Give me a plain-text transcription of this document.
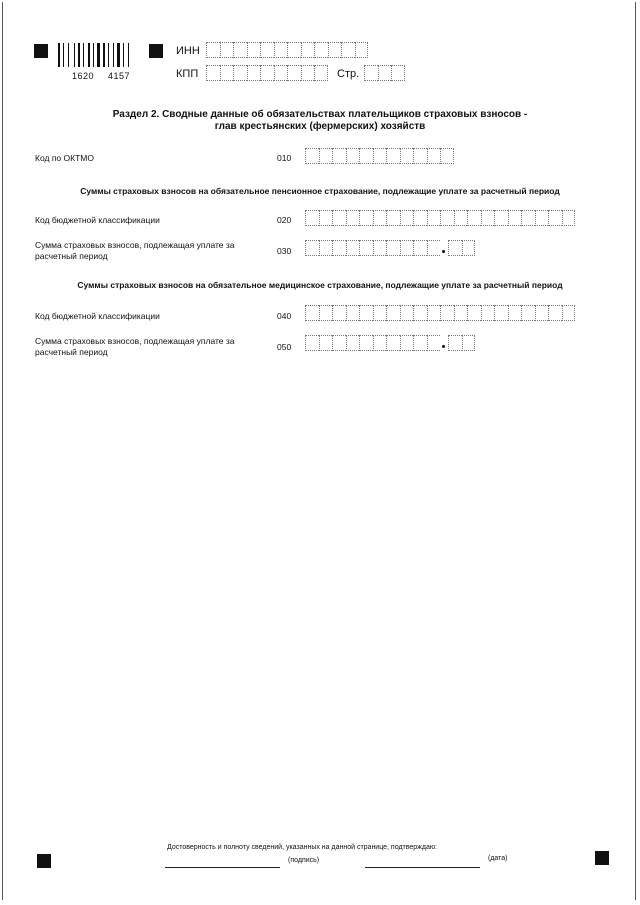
1620 4157
ИНН
КПП	Стр.
Раздел 2. Сводные данные об обязательствах плательщиков страховых взносов -
глав крестьянских (фермерских) хозяйств
Код по ОКТМО	010
Суммы страховых взносов на обязательное пенсионное страхование, подлежащие уплате за расчетный период
Код бюджетной классификации	020
Сумма страховых взносов, подлежащая уплате за
расчетный период	030
Суммы страховых взносов на обязательное медицинское страхование, подлежащие уплате за расчетный период
Код бюджетной классификации	040
Сумма страховых взносов, подлежащая уплате за
расчетный период	050
Достоверность и полноту сведений, указанных на данной странице, подтверждаю:
(подпись)	(дата)
